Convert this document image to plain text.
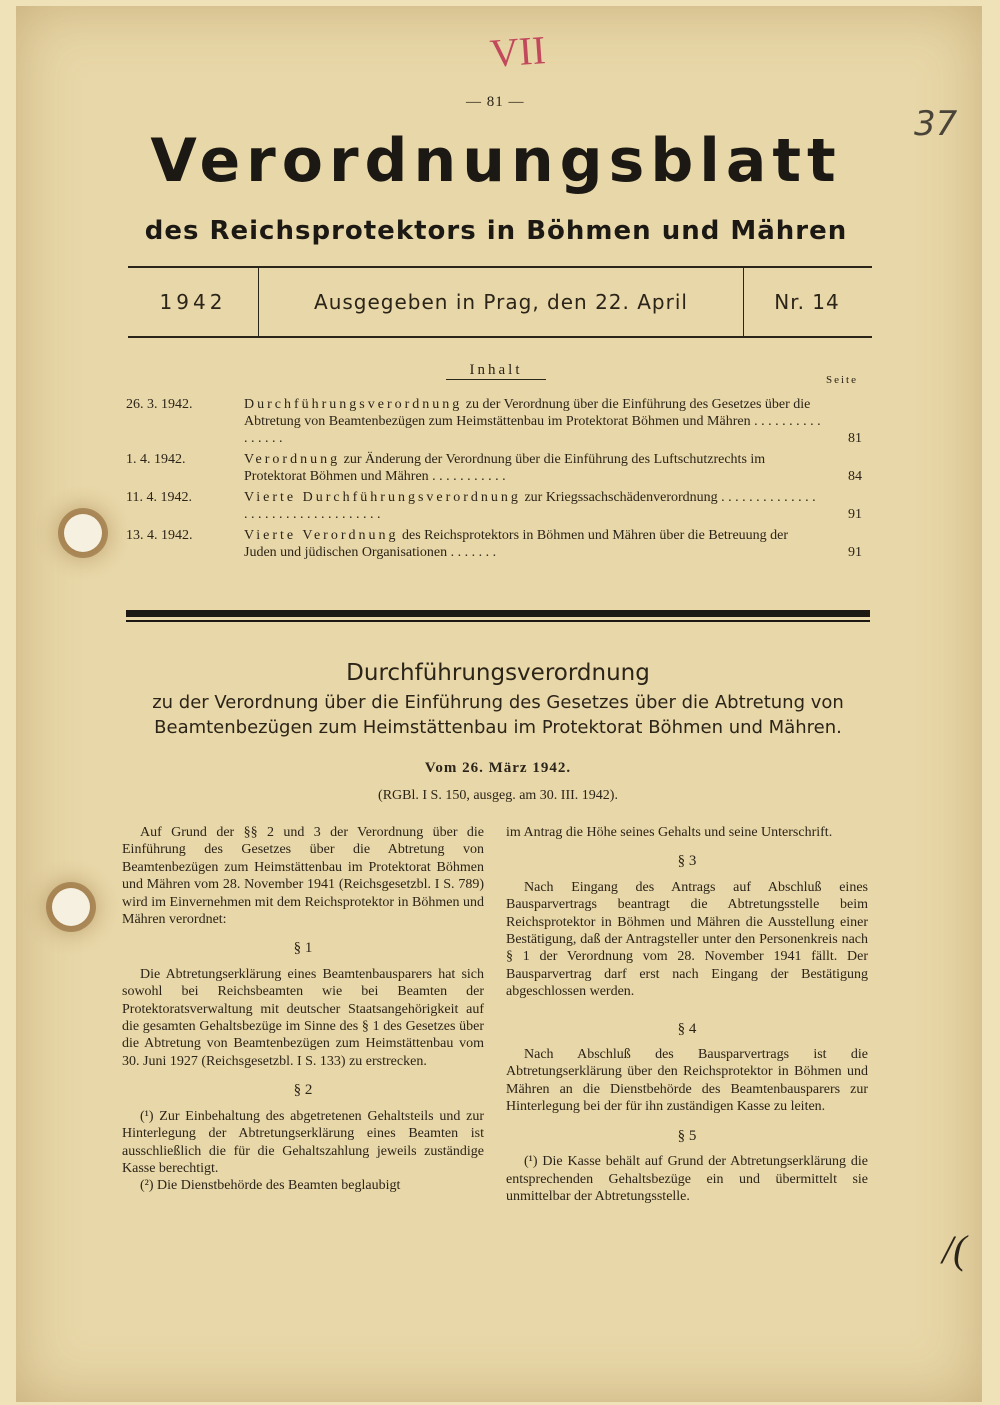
VII
— 81 —
37
/(
Verordnungsblatt
des Reichsprotektors in Böhmen und Mähren
1942	Ausgegeben in Prag, den 22. April	Nr. 14
Inhalt
Seite
26. 3. 1942.	Durchführungsverordnung zu der Verordnung über die Einführung des Gesetzes über die Abtretung von Beamtenbezügen zum Heimstättenbau im Protektorat Böhmen und Mähren . . . . . . . . . . . . . . . .	81
1. 4. 1942.	Verordnung zur Änderung der Verordnung über die Einführung des Luftschutzrechts im Protektorat Böhmen und Mähren . . . . . . . . . . .	84
11. 4. 1942.	Vierte Durchführungsverordnung zur Kriegssachschädenverordnung . . . . . . . . . . . . . . . . . . . . . . . . . . . . . . . . . .	91
13. 4. 1942.	Vierte Verordnung des Reichsprotektors in Böhmen und Mähren über die Betreuung der Juden und jüdischen Organisationen . . . . . . .	91
Durchführungsverordnung
zu der Verordnung über die Einführung des Gesetzes über die Abtretung von Beamtenbezügen zum Heimstättenbau im Protektorat Böhmen und Mähren.
Vom 26. März 1942.
(RGBl. I S. 150, ausgeg. am 30. III. 1942).

Auf Grund der §§ 2 und 3 der Verordnung über die Einführung des Gesetzes über die Abtretung von Beamtenbezügen zum Heimstättenbau im Protektorat Böhmen und Mähren vom 28. November 1941 (Reichsgesetzbl. I S. 789) wird im Einvernehmen mit dem Reichsprotektor in Böhmen und Mähren verordnet:

§ 1

Die Abtretungserklärung eines Beamtenbausparers hat sich sowohl bei Reichsbeamten wie bei Beamten der Protektoratsverwaltung mit deutscher Staatsangehörigkeit auf die gesamten Gehaltsbezüge im Sinne des § 1 des Gesetzes über die Abtretung von Beamtenbezügen zum Heimstättenbau vom 30. Juni 1927 (Reichsgesetzbl. I S. 133) zu erstrecken.

§ 2

(¹) Zur Einbehaltung des abgetretenen Gehaltsteils und zur Hinterlegung der Abtretungserklärung eines Beamten ist ausschließlich die für die Gehaltszahlung jeweils zuständige Kasse berechtigt.

(²) Die Dienstbehörde des Beamten beglaubigt

im Antrag die Höhe seines Gehalts und seine Unterschrift.

§ 3

Nach Eingang des Antrags auf Abschluß eines Bausparvertrags beantragt die Abtretungsstelle beim Reichsprotektor in Böhmen und Mähren die Ausstellung einer Bestätigung, daß der Antragsteller unter den Personenkreis nach § 1 der Verordnung vom 28. November 1941 fällt. Der Bausparvertrag darf erst nach Eingang der Bestätigung abgeschlossen werden.

§ 4

Nach Abschluß des Bausparvertrags ist die Abtretungserklärung über den Reichsprotektor in Böhmen und Mähren an die Dienstbehörde des Beamtenbausparers zur Hinterlegung bei der für ihn zuständigen Kasse zu leiten.

§ 5

(¹) Die Kasse behält auf Grund der Abtretungserklärung die entsprechenden Gehaltsbezüge ein und übermittelt sie unmittelbar der Abtretungsstelle.
